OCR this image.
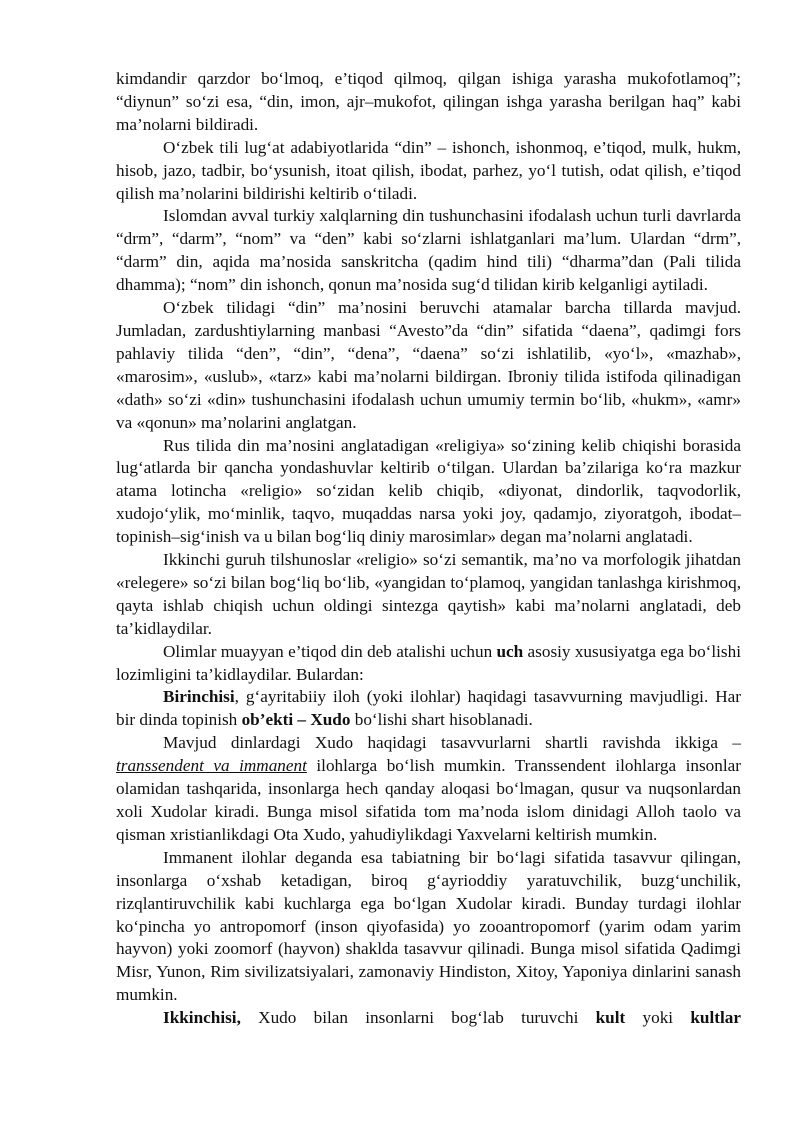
kimdandir qarzdor bo‘lmoq, e’tiqod qilmoq, qilgan ishiga yarasha mukofotlamoq”; “diynun” so‘zi esa, “din, imon, ajr–mukofot, qilingan ishga yarasha berilgan haq” kabi ma’nolarni bildiradi.

O‘zbek tili lug‘at adabiyotlarida “din” – ishonch, ishonmoq, e’tiqod, mulk, hukm, hisob, jazo, tadbir, bo‘ysunish, itoat qilish, ibodat, parhez, yo‘l tutish, odat qilish, e’tiqod qilish ma’nolarini bildirishi keltirib o‘tiladi.

Islomdan avval turkiy xalqlarning din tushunchasini ifodalash uchun turli davrlarda “drm”, “darm”, “nom” va “den” kabi so‘zlarni ishlatganlari ma’lum. Ulardan “drm”, “darm” din, aqida ma’nosida sanskritcha (qadim hind tili) “dharma”dan (Pali tilida dhamma); “nom” din ishonch, qonun ma’nosida sug‘d tilidan kirib kelganligi aytiladi.

O‘zbek tilidagi “din” ma’nosini beruvchi atamalar barcha tillarda mavjud. Jumladan, zardushtiylarning manbasi “Avesto”da “din” sifatida “daena”, qadimgi fors pahlaviy tilida “den”, “din”, “dena”, “daena” so‘zi ishlatilib, «yo‘l», «mazhab», «marosim», «uslub», «tarz» kabi ma’nolarni bildirgan. Ibroniy tilida istifoda qilinadigan «dath» so‘zi «din» tushunchasini ifodalash uchun umumiy termin bo‘lib, «hukm», «amr» va «qonun» ma’nolarini anglatgan.

Rus tilida din ma’nosini anglatadigan «religiya» so‘zining kelib chiqishi borasida lug‘atlarda bir qancha yondashuvlar keltirib o‘tilgan. Ulardan ba’zilariga ko‘ra mazkur atama lotincha «religio» so‘zidan kelib chiqib, «diyonat, dindorlik, taqvodorlik, xudojo‘ylik, mo‘minlik, taqvo, muqaddas narsa yoki joy, qadamjo, ziyoratgoh, ibodat–topinish–sig‘inish va u bilan bog‘liq diniy marosimlar» degan ma’nolarni anglatadi.

Ikkinchi guruh tilshunoslar «religio» so‘zi semantik, ma’no va morfologik jihatdan «relegere» so‘zi bilan bog‘liq bo‘lib, «yangidan to‘plamoq, yangidan tanlashga kirishmoq, qayta ishlab chiqish uchun oldingi sintezga qaytish» kabi ma’nolarni anglatadi, deb ta’kidlaydilar.

Olimlar muayyan e’tiqod din deb atalishi uchun uch asosiy xususiyatga ega bo‘lishi lozimligini ta’kidlaydilar. Bulardan:

Birinchisi, g‘ayritabiiy iloh (yoki ilohlar) haqidagi tasavvurning mavjudligi. Har bir dinda topinish ob’ekti – Xudo bo‘lishi shart hisoblanadi.

Mavjud dinlardagi Xudo haqidagi tasavvurlarni shartli ravishda ikkiga – transsendent va immanent ilohlarga bo‘lish mumkin. Transsendent ilohlarga insonlar olamidan tashqarida, insonlarga hech qanday aloqasi bo‘lmagan, qusur va nuqsonlardan xoli Xudolar kiradi. Bunga misol sifatida tom ma’noda islom dinidagi Alloh taolo va qisman xristianlikdagi Ota Xudo, yahudiylikdagi Yaxvelarni keltirish mumkin.

Immanent ilohlar deganda esa tabiatning bir bo‘lagi sifatida tasavvur qilingan, insonlarga o‘xshab ketadigan, biroq g‘ayrioddiy yaratuvchilik, buzg‘unchilik, rizqlantiruvchilik kabi kuchlarga ega bo‘lgan Xudolar kiradi. Bunday turdagi ilohlar ko‘pincha yo antropomorf (inson qiyofasida) yo zooantropomorf (yarim odam yarim hayvon) yoki zoomorf (hayvon) shaklda tasavvur qilinadi. Bunga misol sifatida Qadimgi Misr, Yunon, Rim sivilizatsiyalari, zamonaviy Hindiston, Xitoy, Yaponiya dinlarini sanash mumkin.

Ikkinchisi, Xudo bilan insonlarni bog‘lab turuvchi kult yoki kultlar
